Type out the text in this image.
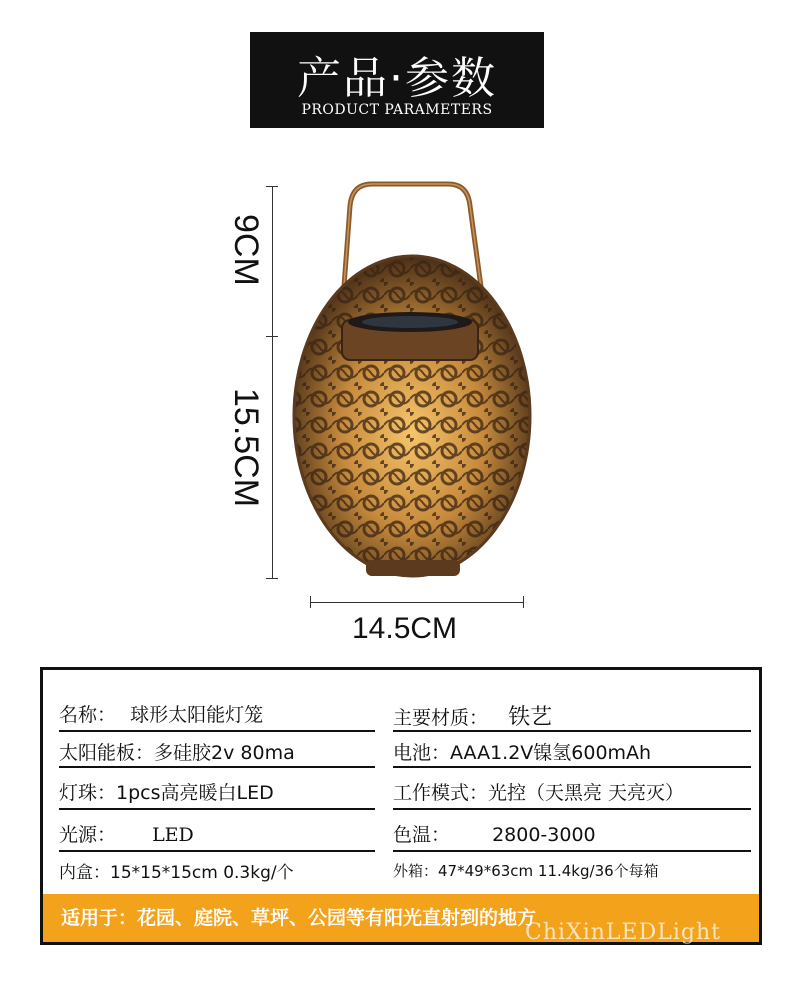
产品·参数
PRODUCT PARAMETERS
9CM
15.5CM
14.5CM
名称： 球形太阳能灯笼	主要材质： 铁艺
太阳能板：多硅胶2v 80ma	电池：AAA1.2V镍氢600mAh
灯珠：1pcs高亮暖白LED	工作模式：光控（天黑亮 天亮灭）
光源： LED	色温： 2800-3000
内盒：15*15*15cm 0.3kg/个	外箱：47*49*63cm 11.4kg/36个每箱
适用于：花园、庭院、草坪、公园等有阳光直射到的地方
ChiXinLEDLight
